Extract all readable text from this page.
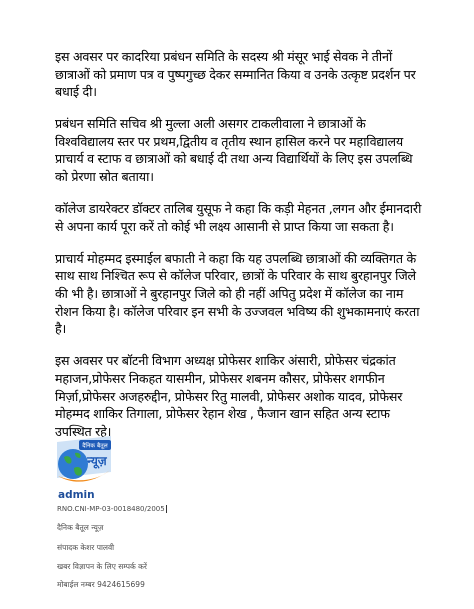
इस अवसर पर कादरिया प्रबंधन समिति के सदस्य श्री मंसूर भाई सेवक ने तीनों छात्राओं को प्रमाण पत्र व पुष्पगुच्छ देकर सम्मानित किया व उनके उत्कृष्ट प्रदर्शन पर बधाई दी।

प्रबंधन समिति सचिव श्री मुल्ला अली असगर टाकलीवाला ने छात्राओं के विश्वविद्यालय स्तर पर प्रथम,द्वितीय व तृतीय स्थान हासिल करने पर महाविद्यालय प्राचार्य व स्टाफ व छात्राओं को बधाई दी तथा अन्य विद्यार्थियों के लिए इस उपलब्धि को प्रेरणा स्रोत बताया।

कॉलेज डायरेक्टर डॉक्टर तालिब युसूफ ने कहा कि कड़ी मेहनत ,लगन और ईमानदारी से अपना कार्य पूरा करें तो कोई भी लक्ष्य आसानी से प्राप्त किया जा सकता है।

प्राचार्य मोहम्मद इस्माईल बफाती ने कहा कि यह उपलब्धि छात्राओं की व्यक्तिगत के साथ साथ निश्चित रूप से कॉलेज परिवार, छात्रों के परिवार के साथ बुरहानपुर जिले की भी है। छात्राओं ने बुरहानपुर जिले को ही नहीं अपितु प्रदेश में कॉलेज का नाम रोशन किया है। कॉलेज परिवार इन सभी के उज्जवल भविष्य की शुभकामनाएं करता है।

इस अवसर पर बॉटनी विभाग अध्यक्ष प्रोफेसर शाकिर अंसारी, प्रोफेसर चंद्रकांत महाजन,प्रोफेसर निकहत यासमीन, प्रोफेसर शबनम कौसर, प्रोफेसर शगफीन मिर्ज़ा,प्रोफेसर अजहरुद्दीन, प्रोफेसर रितु मालवी, प्रोफेसर अशोक यादव, प्रोफेसर मोहम्मद शाकिर तिगाला, प्रोफेसर रेहान शेख , फैजान खान सहित अन्य स्टाफ उपस्थित रहे।

दैनिक बैतूल
न्यूज़
admin
RNO.CNI-MP-03-0018480/2005
दैनिक बैतूल न्यूज़
संपादक केशर पालवी
खबर विज्ञापन के लिए सम्पर्क करें
मोबाईल नम्बर 9424615699
